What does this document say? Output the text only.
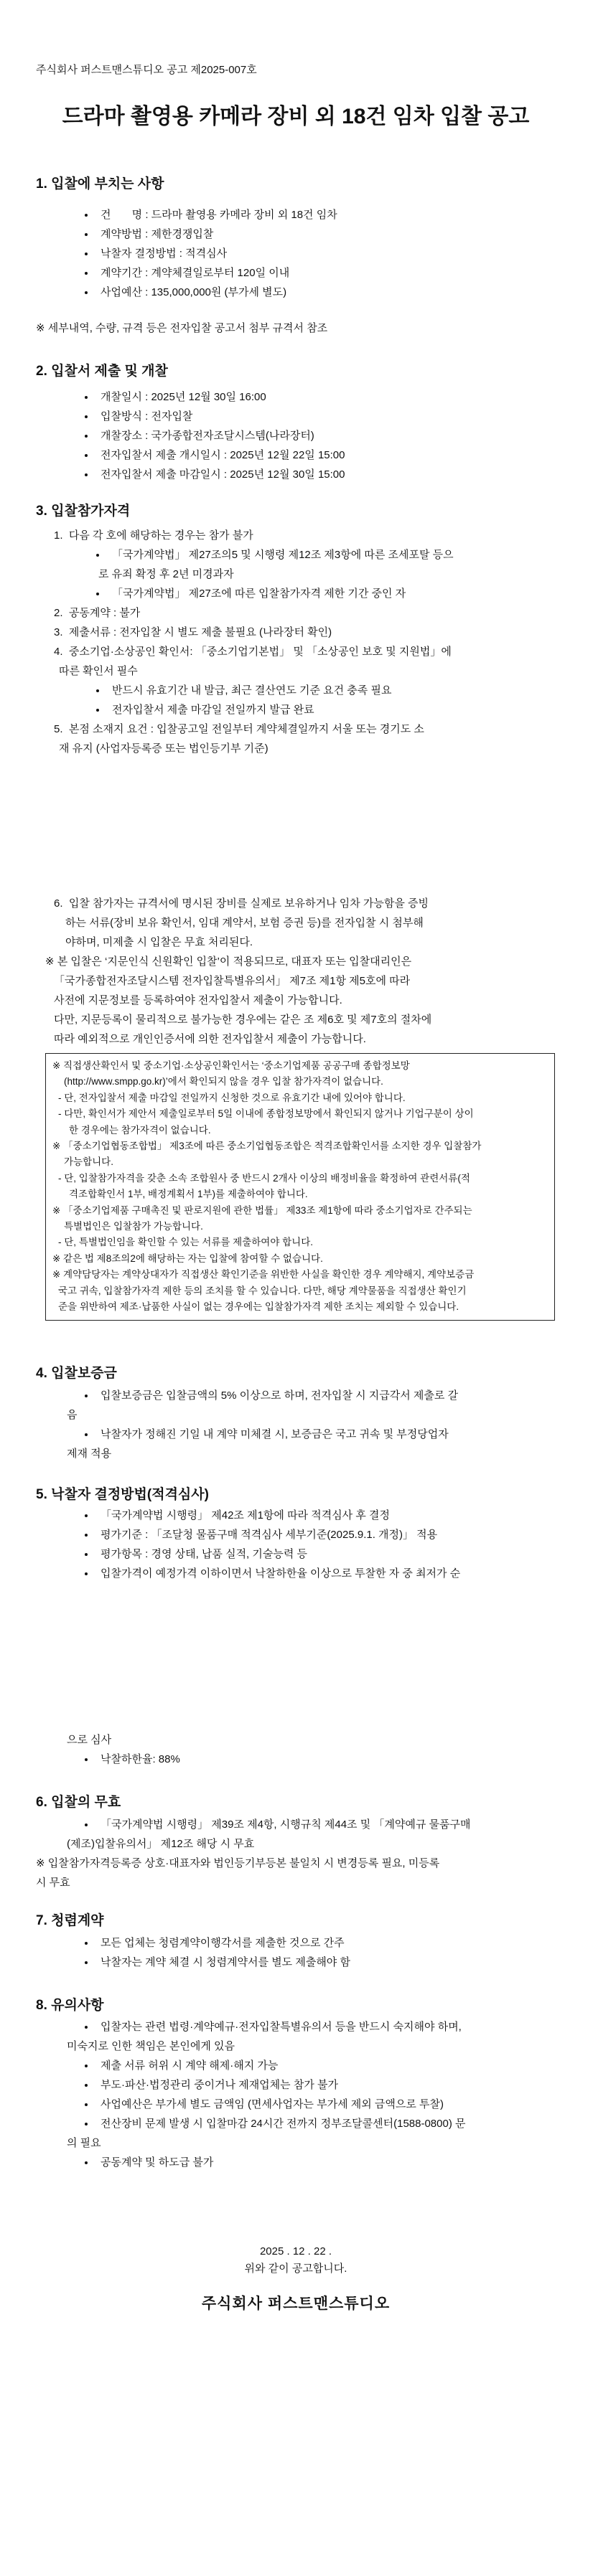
주식회사 퍼스트맨스튜디오 공고 제2025-007호
드라마 촬영용 카메라 장비 외 18건 임차 입찰 공고
1. 입찰에 부치는 사항
건       명 : 드라마 촬영용 카메라 장비 외 18건 임차
계약방법 : 제한경쟁입찰
낙찰자 결정방법 : 적격심사
계약기간 : 계약체결일로부터 120일 이내
사업예산 : 135,000,000원 (부가세 별도)
※ 세부내역, 수량, 규격 등은 전자입찰 공고서 첨부 규격서 참조
2. 입찰서 제출 및 개찰
개찰일시 : 2025년 12월 30일 16:00
입찰방식 : 전자입찰
개찰장소 : 국가종합전자조달시스템(나라장터)
전자입찰서 제출 개시일시 : 2025년 12월 22일 15:00
전자입찰서 제출 마감일시 : 2025년 12월 30일 15:00
3. 입찰참가자격
1.  다음 각 호에 해당하는 경우는 참가 불가
「국가계약법」 제27조의5 및 시행령 제12조 제3항에 따른 조세포탈 등으
로 유죄 확정 후 2년 미경과자
「국가계약법」 제27조에 따른 입찰참가자격 제한 기간 중인 자
2.  공동계약 : 불가
3.  제출서류 : 전자입찰 시 별도 제출 불필요 (나라장터 확인)
4.  중소기업·소상공인 확인서: 「중소기업기본법」 및 「소상공인 보호 및 지원법」에
따른 확인서 필수
반드시 유효기간 내 발급, 최근 결산연도 기준 요건 충족 필요
전자입찰서 제출 마감일 전일까지 발급 완료
5.  본점 소재지 요건 : 입찰공고일 전일부터 계약체결일까지 서울 또는 경기도 소
재 유지 (사업자등록증 또는 법인등기부 기준)
6.  입찰 참가자는 규격서에 명시된 장비를 실제로 보유하거나 임차 가능함을 증빙
하는 서류(장비 보유 확인서, 임대 계약서, 보험 증권 등)를 전자입찰 시 첨부해
야하며, 미제출 시 입찰은 무효 처리된다.
※ 본 입찰은 ‘지문인식 신원확인 입찰’이 적용되므로, 대표자 또는 입찰대리인은
「국가종합전자조달시스템 전자입찰특별유의서」 제7조 제1항 제5호에 따라
사전에 지문정보를 등록하여야 전자입찰서 제출이 가능합니다.
다만, 지문등록이 물리적으로 불가능한 경우에는 같은 조 제6호 및 제7호의 절차에
따라 예외적으로 개인인증서에 의한 전자입찰서 제출이 가능합니다.
※ 직접생산확인서 및 중소기업·소상공인확인서는 ‘중소기업제품 공공구매 종합정보망
(http://www.smpp.go.kr)’에서 확인되지 않을 경우 입찰 참가자격이 없습니다.
- 단, 전자입찰서 제출 마감일 전일까지 신청한 것으로 유효기간 내에 있어야 합니다.
- 다만, 확인서가 제안서 제출일로부터 5일 이내에 종합정보망에서 확인되지 않거나 기업구분이 상이
한 경우에는 참가자격이 없습니다.
※ 「중소기업협동조합법」 제3조에 따른 중소기업협동조합은 적격조합확인서를 소지한 경우 입찰참가
가능합니다.
- 단, 입찰참가자격을 갖춘 소속 조합원사 중 반드시 2개사 이상의 배정비율을 확정하여 관련서류(적
격조합확인서 1부, 배정계획서 1부)를 제출하여야 합니다.
※ 「중소기업제품 구매촉진 및 판로지원에 관한 법률」 제33조 제1항에 따라 중소기업자로 간주되는
특별법인은 입찰참가 가능합니다.
- 단, 특별법인임을 확인할 수 있는 서류를 제출하여야 합니다.
※ 같은 법 제8조의2에 해당하는 자는 입찰에 참여할 수 없습니다.
※ 계약담당자는 계약상대자가 직접생산 확인기준을 위반한 사실을 확인한 경우 계약해지, 계약보증금
국고 귀속, 입찰참가자격 제한 등의 조치를 할 수 있습니다. 다만, 해당 계약물품을 직접생산 확인기
준을 위반하여 제조·납품한 사실이 없는 경우에는 입찰참가자격 제한 조치는 제외할 수 있습니다.
4. 입찰보증금
입찰보증금은 입찰금액의 5% 이상으로 하며, 전자입찰 시 지급각서 제출로 갈
음
낙찰자가 정해진 기일 내 계약 미체결 시, 보증금은 국고 귀속 및 부정당업자
제재 적용
5. 낙찰자 결정방법(적격심사)
「국가계약법 시행령」 제42조 제1항에 따라 적격심사 후 결정
평가기준 : 「조달청 물품구매 적격심사 세부기준(2025.9.1. 개정)」 적용
평가항목 : 경영 상태, 납품 실적, 기술능력 등
입찰가격이 예정가격 이하이면서 낙찰하한율 이상으로 투찰한 자 중 최저가 순
으로 심사
낙찰하한율: 88%
6. 입찰의 무효
「국가계약법 시행령」 제39조 제4항, 시행규칙 제44조 및 「계약예규 물품구매
(제조)입찰유의서」 제12조 해당 시 무효
※ 입찰참가자격등록증 상호·대표자와 법인등기부등본 불일치 시 변경등록 필요, 미등록
시 무효
7. 청렴계약
모든 업체는 청렴계약이행각서를 제출한 것으로 간주
낙찰자는 계약 체결 시 청렴계약서를 별도 제출해야 함
8. 유의사항
입찰자는 관련 법령·계약예규·전자입찰특별유의서 등을 반드시 숙지해야 하며,
미숙지로 인한 책임은 본인에게 있음
제출 서류 허위 시 계약 해제·해지 가능
부도·파산·법정관리 중이거나 제재업체는 참가 불가
사업예산은 부가세 별도 금액임 (면세사업자는 부가세 제외 금액으로 투찰)
전산장비 문제 발생 시 입찰마감 24시간 전까지 정부조달콜센터(1588-0800) 문
의 필요
공동계약 및 하도급 불가
2025 . 12 . 22 .
위와 같이 공고합니다.
주식회사 퍼스트맨스튜디오
